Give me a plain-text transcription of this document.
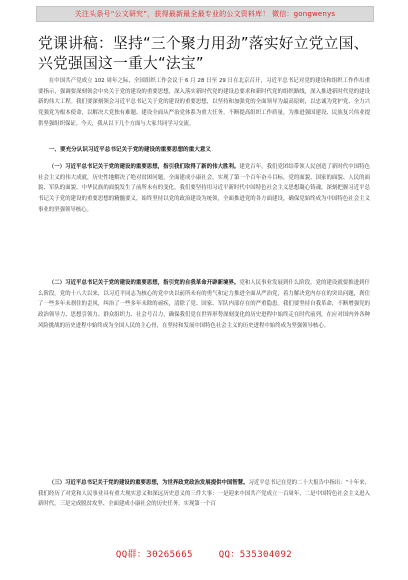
关注头条号“公文研究”，获得最新最全最专业的公文资料库！ 微信：gongwenys
党课讲稿：坚持“三个聚力用劲”落实好立党立国、兴党强国这一重大“法宝”

在中国共产党成立 102 周年之际，全国组织工作会议于 6 月 28 日至 29 日在北京召开，习近平总书记对党的建设和组织工作作出重要指示，强调要深刻领会中央关于党的建设的重要思想，深入落实新时代党的建设总要求和新时代党的组织路线，深入推进新时代党的建设新的伟大工程。我们要深刻领会习近平总书记关于党的建设的重要思想，以坚持和加强党的全面领导为最高原则，以忠诚为党护党、全力兴党强党为根本使命，以解决大党独有难题、建设全面从严治党体系为重大任务，不断提高组织工作质量，为推进强国建设、民族复兴伟业提供坚强组织保证。今天，我从以下几个方面与大家共同学习交流。

一、要充分认识习近平总书记关于党的建设的重要思想的重大意义

（一）习近平总书记关于党的建设的重要思想，指引我们取得了新的伟大胜利。建党百年，我们党团结带领人民创造了新时代中国特色社会主义的伟大成就，历史性地解决了绝对贫困问题，全面建成小康社会，实现了第一个百年奋斗目标，党的面貌、国家的面貌、人民的面貌、军队的面貌、中华民族的面貌发生了前所未有的变化。我们要坚持用习近平新时代中国特色社会主义思想凝心铸魂，深刻把握习近平总书记关于党的建设的重要思想的精髓要义，始终坚持以党的政治建设为统领，全面推进党的各方面建设，确保党始终成为中国特色社会主义事业的坚强领导核心。

（二）习近平总书记关于党的建设的重要思想，指引党的自我革命开辟新境界。党和人民事业发展到什么阶段，党的建设就要推进到什么阶段。党的十八大以来，以习近平同志为核心的党中央以前所未有的勇气和定力推进全面从严治党，着力解决党内存在的突出问题，刹住了一些多年未刹住的歪风，纠治了一些多年未除的顽疾，清除了党、国家、军队内部存在的严重隐患。我们要坚持自我革命，不断增强党的政治领导力、思想引领力、群众组织力、社会号召力，确保我们党在世界形势深刻变化的历史进程中始终走在时代前列，在应对国内外各种风险挑战的历史进程中始终成为全国人民的主心骨，在坚持和发展中国特色社会主义的历史进程中始终成为坚强领导核心。

（三）习近平总书记关于党的建设的重要思想，为世界政党政治发展提供中国智慧。习近平总书记在党的二十大报告中指出：“十年来，我们经历了对党和人民事业具有重大现实意义和深远历史意义的三件大事：一是迎来中国共产党成立一百周年，二是中国特色社会主义进入新时代，三是完成脱贫攻坚、全面建成小康社会的历史任务。实现第一个百

QQ群：30265665	QQ：535304092
